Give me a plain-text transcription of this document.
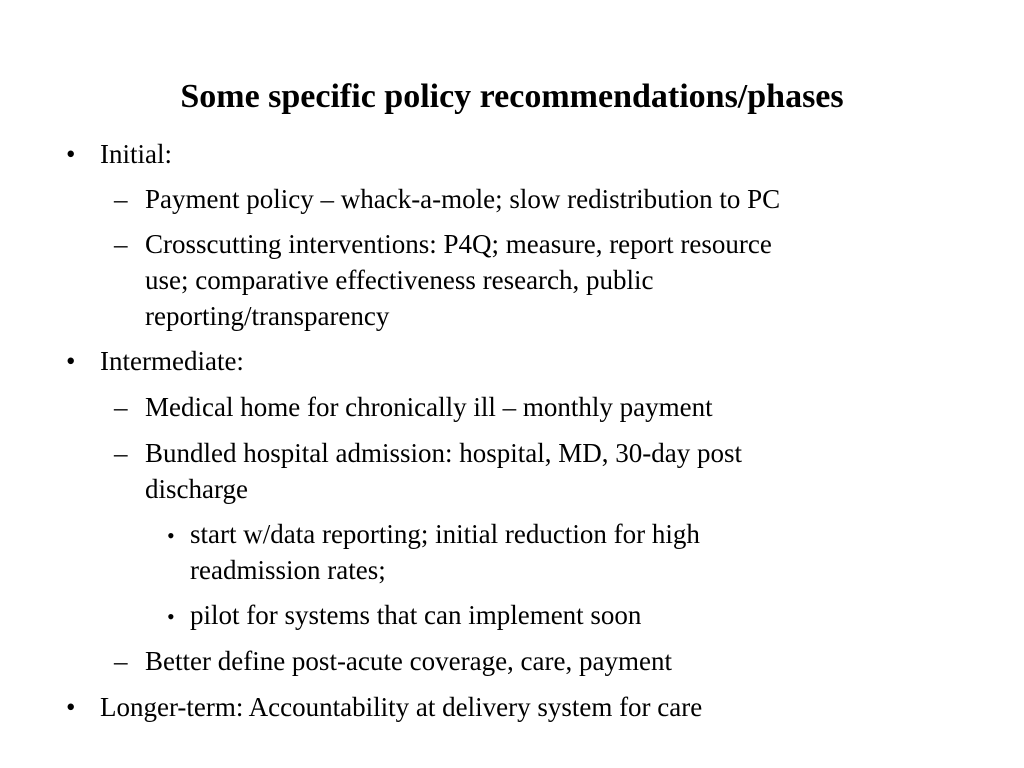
Some specific policy recommendations/phases
• Initial:
– Payment policy – whack-a-mole; slow redistribution to PC
– Crosscutting interventions: P4Q; measure, report resource
use; comparative effectiveness research, public
reporting/transparency
• Intermediate:
– Medical home for chronically ill – monthly payment
– Bundled hospital admission: hospital, MD, 30-day post
discharge
• start w/data reporting; initial reduction for high
readmission rates;
• pilot for systems that can implement soon
– Better define post-acute coverage, care, payment
• Longer-term: Accountability at delivery system for care
